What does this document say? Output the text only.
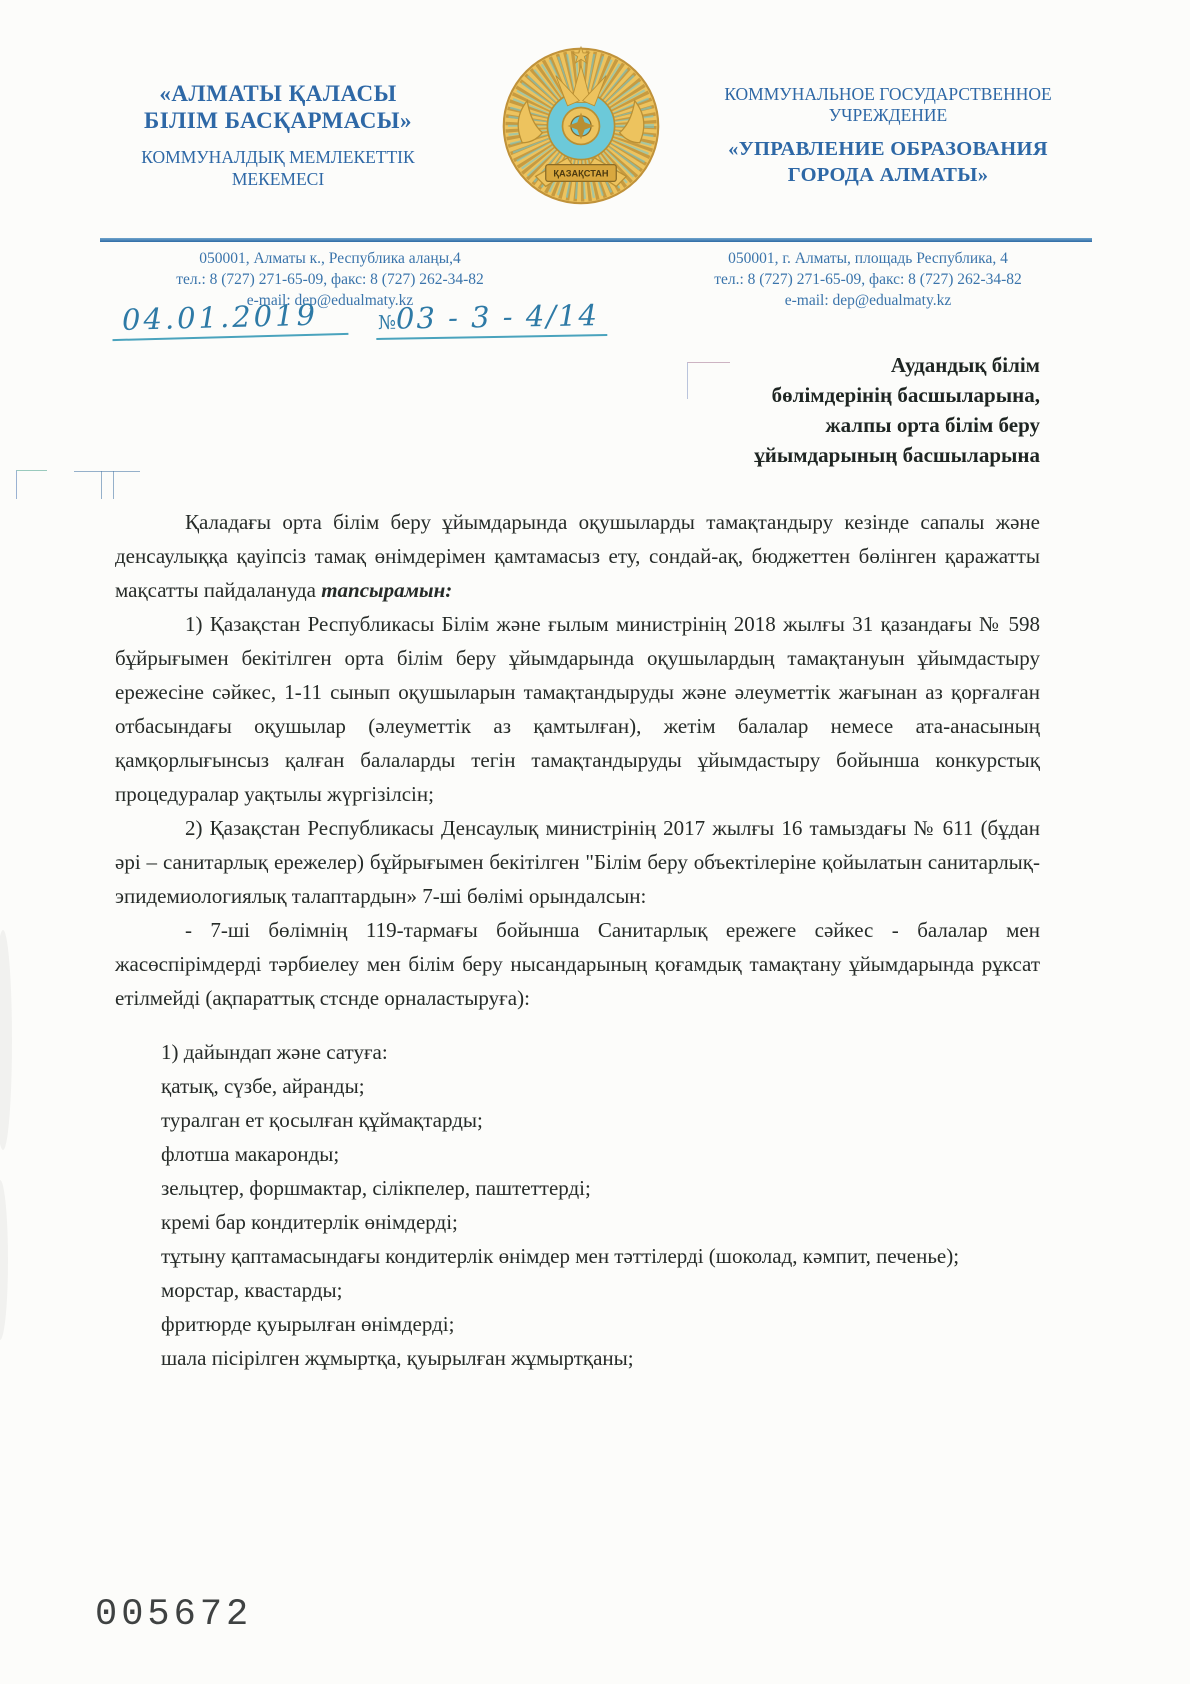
«АЛМАТЫ ҚАЛАСЫ
БІЛІМ БАСҚАРМАСЫ»
КОММУНАЛДЫҚ МЕМЛЕКЕТТІК
МЕКЕМЕСІ	ҚАЗАҚСТАН
КОММУНАЛЬНОЕ ГОСУДАРСТВЕННОЕ
УЧРЕЖДЕНИЕ
«УПРАВЛЕНИЕ ОБРАЗОВАНИЯ
ГОРОДА АЛМАТЫ»
050001, Алматы к., Республика алаңы,4
тел.: 8 (727) 271-65-09, факс: 8 (727) 262-34-82
e-mail: dep@edualmaty.kz
050001, г. Алматы, площадь Республика, 4
тел.: 8 (727) 271-65-09, факс: 8 (727) 262-34-82
e-mail: dep@edualmaty.kz
04.01.2019	№03 - 3 - 4/14
Аудандық білім
бөлімдерінің басшыларына,
жалпы орта білім беру
ұйымдарының басшыларына

Қаладағы орта білім беру ұйымдарында оқушыларды тамақтандыру кезінде сапалы және денсаулыққа қауіпсіз тамақ өнімдерімен қамтамасыз ету, сондай-ақ, бюджеттен бөлінген қаражатты мақсатты пайдалануда тапсырамын:

1) Қазақстан Республикасы Білім және ғылым министрінің 2018 жылғы 31 қазандағы № 598 бұйрығымен бекітілген орта білім беру ұйымдарында оқушылардың тамақтануын ұйымдастыру ережесіне сәйкес, 1-11 сынып оқушыларын тамақтандыруды және әлеуметтік жағынан аз қорғалған отбасындағы оқушылар (әлеуметтік аз қамтылған), жетім балалар немесе ата-анасының қамқорлығынсыз қалған балаларды тегін тамақтандыруды ұйымдастыру бойынша конкурстық процедуралар уақтылы жүргізілсін;

2) Қазақстан Республикасы Денсаулық министрінің 2017 жылғы 16 тамыздағы № 611 (бұдан әрі – санитарлық ережелер) бұйрығымен бекітілген "Білім беру объектілеріне қойылатын санитарлық-эпидемиологиялық талаптардын» 7-ші бөлімі орындалсын:

- 7-ші бөлімнің 119-тармағы бойынша Санитарлық ережеге сәйкес - балалар мен жасөспірімдерді тәрбиелеу мен білім беру нысандарының қоғамдық тамақтану ұйымдарында рұксат етілмейді (ақпараттық стснде орналастыруға):

1) дайындап және сатуға:

қатық, сүзбе, айранды;

туралган ет қосылған құймақтарды;

флотша макаронды;

зельцтер, форшмактар, сілікпелер, паштеттерді;

кремі бар кондитерлік өнімдерді;

тұтыну қаптамасындағы кондитерлік өнімдер мен тәттілерді (шоколад, кәмпит, печенье);

морстар, квастарды;

фритюрде қуырылған өнімдерді;

шала пісірілген жұмыртқа, қуырылған жұмыртқаны;

005672
